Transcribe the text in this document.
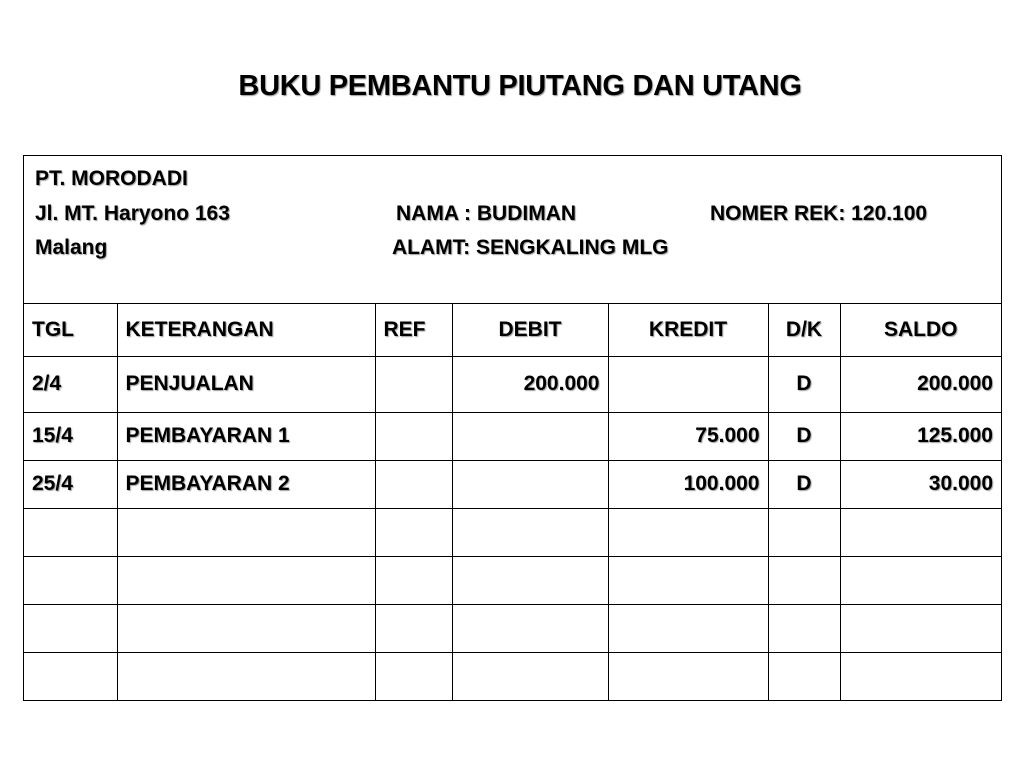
BUKU PEMBANTU PIUTANG DAN UTANG
PT. MORODADI
Jl. MT. Haryono 163
Malang
NAMA : BUDIMAN
ALAMT: SENGKALING MLG
NOMER REK: 120.100
TGL	KETERANGAN	REF	DEBIT	KREDIT	D/K	SALDO
2/4	PENJUALAN		200.000		D	200.000
15/4	PEMBAYARAN 1			75.000	D	125.000
25/4	PEMBAYARAN 2			100.000	D	30.000
